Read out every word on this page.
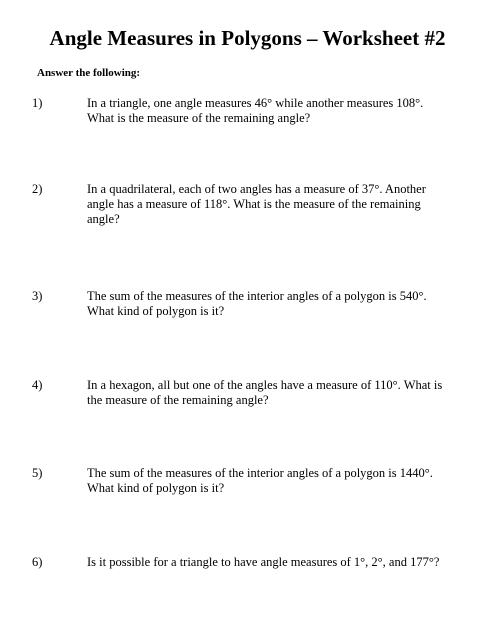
Angle Measures in Polygons – Worksheet #2
Answer the following:
1)	In a triangle, one angle measures 46° while another measures 108°. What is the measure of the remaining angle?
2)	In a quadrilateral, each of two angles has a measure of 37°. Another angle has a measure of 118°. What is the measure of the remaining angle?
3)	The sum of the measures of the interior angles of a polygon is 540°. What kind of polygon is it?
4)	In a hexagon, all but one of the angles have a measure of 110°. What is the measure of the remaining angle?
5)	The sum of the measures of the interior angles of a polygon is 1440°. What kind of polygon is it?
6)	Is it possible for a triangle to have angle measures of 1°, 2°, and 177°?
